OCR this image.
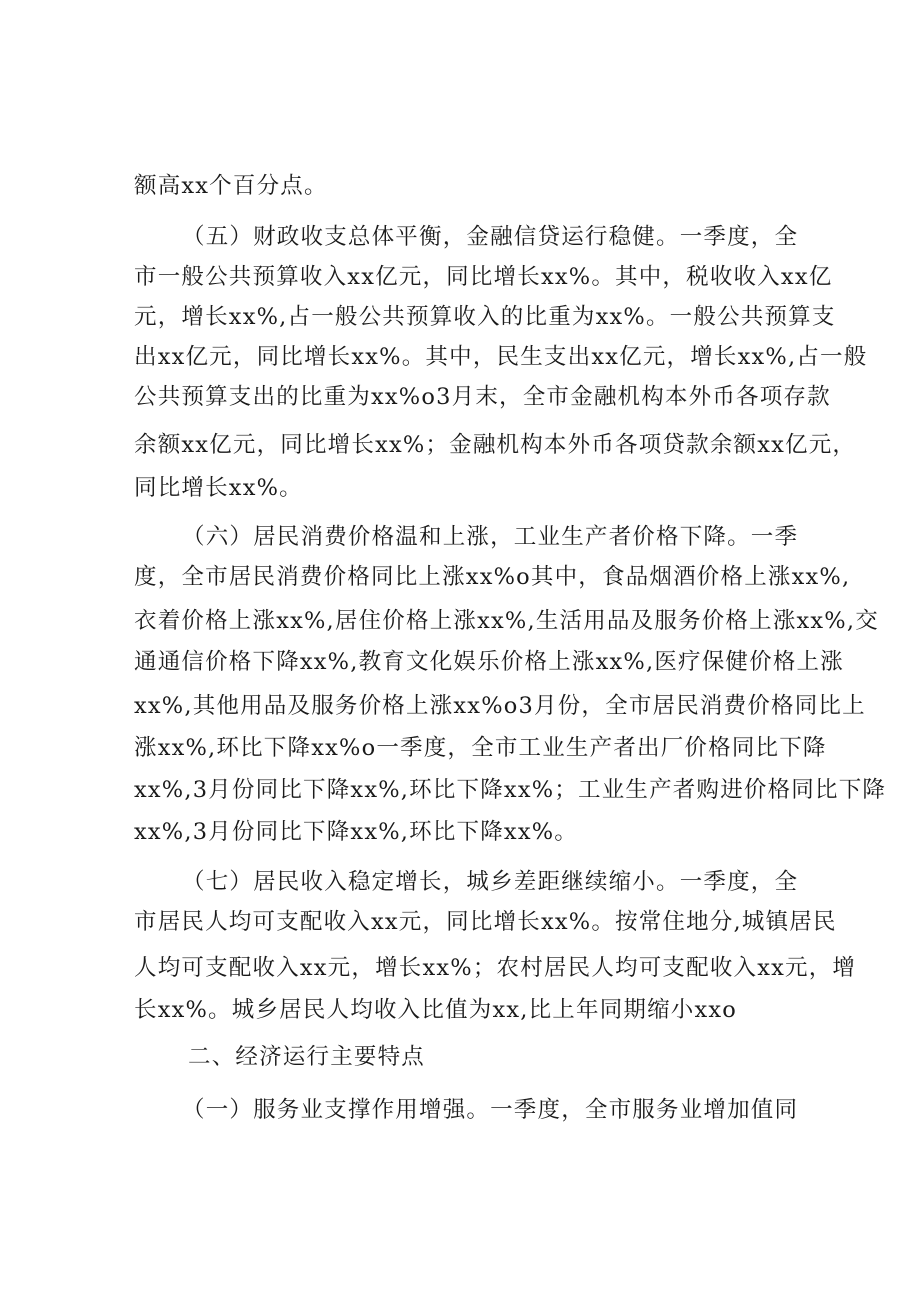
额高xx个百分点。
（五）财政收支总体平衡，金融信贷运行稳健。一季度，全
市一般公共预算收入xx亿元，同比增长xx%。其中，税收收入xx亿
元，增长xx%,占一般公共预算收入的比重为xx%。一般公共预算支
出xx亿元，同比增长xx%。其中，民生支出xx亿元，增长xx%,占一般
公共预算支出的比重为xx%o3月末，全市金融机构本外币各项存款
余额xx亿元，同比增长xx%；金融机构本外币各项贷款余额xx亿元，
同比增长xx%。
（六）居民消费价格温和上涨，工业生产者价格下降。一季
度，全市居民消费价格同比上涨xx%o其中，食品烟酒价格上涨xx%,
衣着价格上涨xx%,居住价格上涨xx%,生活用品及服务价格上涨xx%,交
通通信价格下降xx%,教育文化娱乐价格上涨xx%,医疗保健价格上涨
xx%,其他用品及服务价格上涨xx%o3月份，全市居民消费价格同比上
涨xx%,环比下降xx%o一季度，全市工业生产者出厂价格同比下降
xx%,3月份同比下降xx%,环比下降xx%；工业生产者购进价格同比下降
xx%,3月份同比下降xx%,环比下降xx%。
（七）居民收入稳定增长，城乡差距继续缩小。一季度，全
市居民人均可支配收入xx元，同比增长xx%。按常住地分,城镇居民
人均可支配收入xx元，增长xx%；农村居民人均可支配收入xx元，增
长xx%。城乡居民人均收入比值为xx,比上年同期缩小xxo
二、经济运行主要特点
（一）服务业支撑作用增强。一季度，全市服务业增加值同
